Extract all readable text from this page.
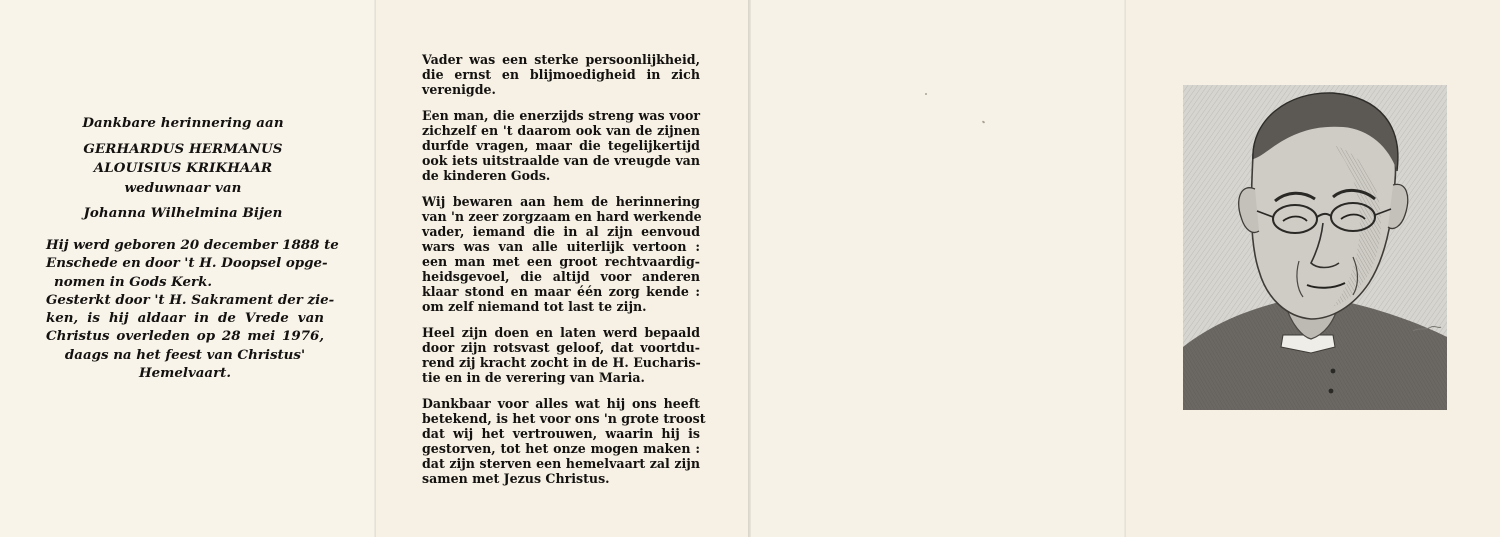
Dankbare herinnering aan
GERHARDUS HERMANUS
ALOUISIUS KRIKHAAR
weduwnaar van
Johanna Wilhelmina Bijen
Hij werd geboren 20 december 1888 te
Enschede en door 't H. Doopsel opge-
nomen in Gods Kerk.
Gesterkt door 't H. Sakrament der zie-
ken, is hij aldaar in de Vrede van
Christus overleden op 28 mei 1976,
daags na het feest van Christus'
Hemelvaart.
Vader was een sterke persoonlijkheid,
die ernst en blijmoedigheid in zich
verenigde.
Een man, die enerzijds streng was voor
zichzelf en 't daarom ook van de zijnen
durfde vragen, maar die tegelijkertijd
ook iets uitstraalde van de vreugde van
de kinderen Gods.
Wij bewaren aan hem de herinnering
van 'n zeer zorgzaam en hard werkende
vader, iemand die in al zijn eenvoud
wars was van alle uiterlijk vertoon :
een man met een groot rechtvaardig-
heidsgevoel, die altijd voor anderen
klaar stond en maar één zorg kende :
om zelf niemand tot last te zijn.
Heel zijn doen en laten werd bepaald
door zijn rotsvast geloof, dat voortdu-
rend zij kracht zocht in de H. Eucharis-
tie en in de verering van Maria.
Dankbaar voor alles wat hij ons heeft
betekend, is het voor ons 'n grote troost
dat wij het vertrouwen, waarin hij is
gestorven, tot het onze mogen maken :
dat zijn sterven een hemelvaart zal zijn
samen met Jezus Christus.
